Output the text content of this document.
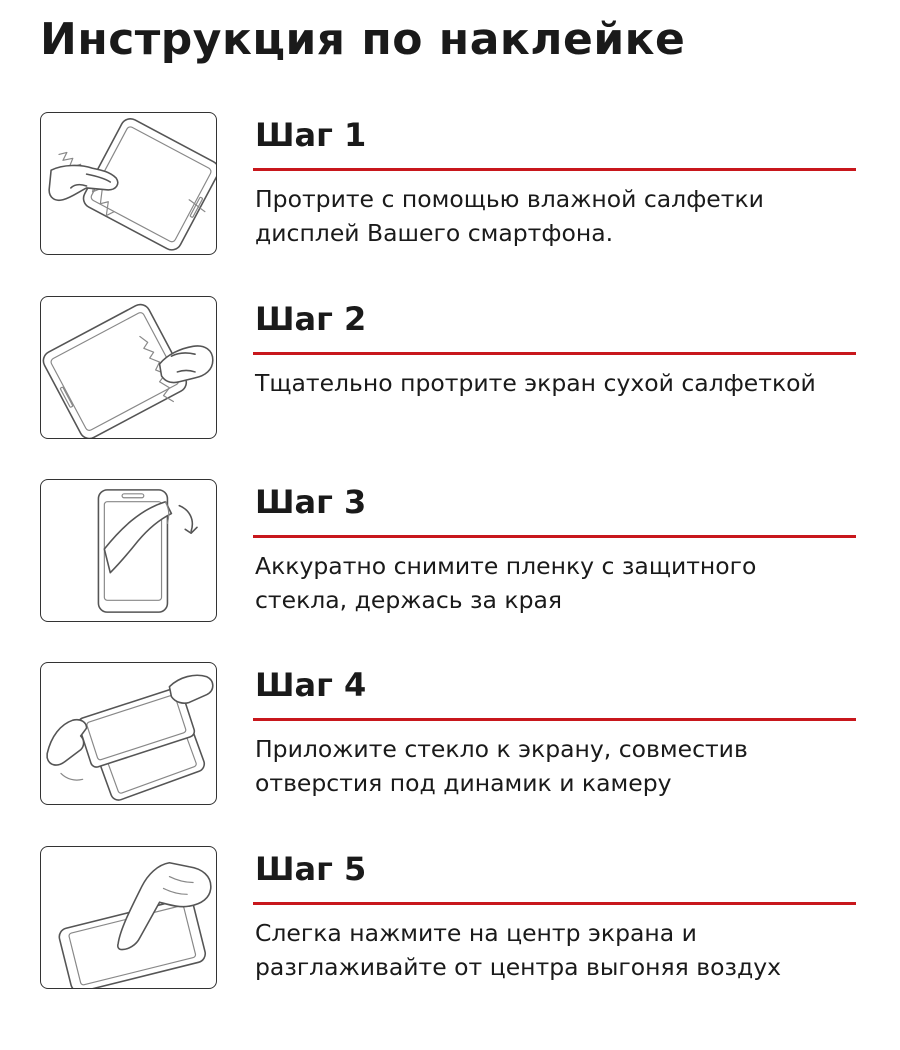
Инструкция по наклейке
Шаг 1
Протрите с помощью влажной салфетки
дисплей Вашего смартфона.
Шаг 2
Тщательно протрите экран сухой салфеткой
Шаг 3
Аккуратно снимите пленку с защитного
стекла, держась за края
Шаг 4
Приложите стекло к экрану, совместив
отверстия под динамик и камеру
Шаг 5
Слегка нажмите на центр экрана и
разглаживайте от центра выгоняя воздух
